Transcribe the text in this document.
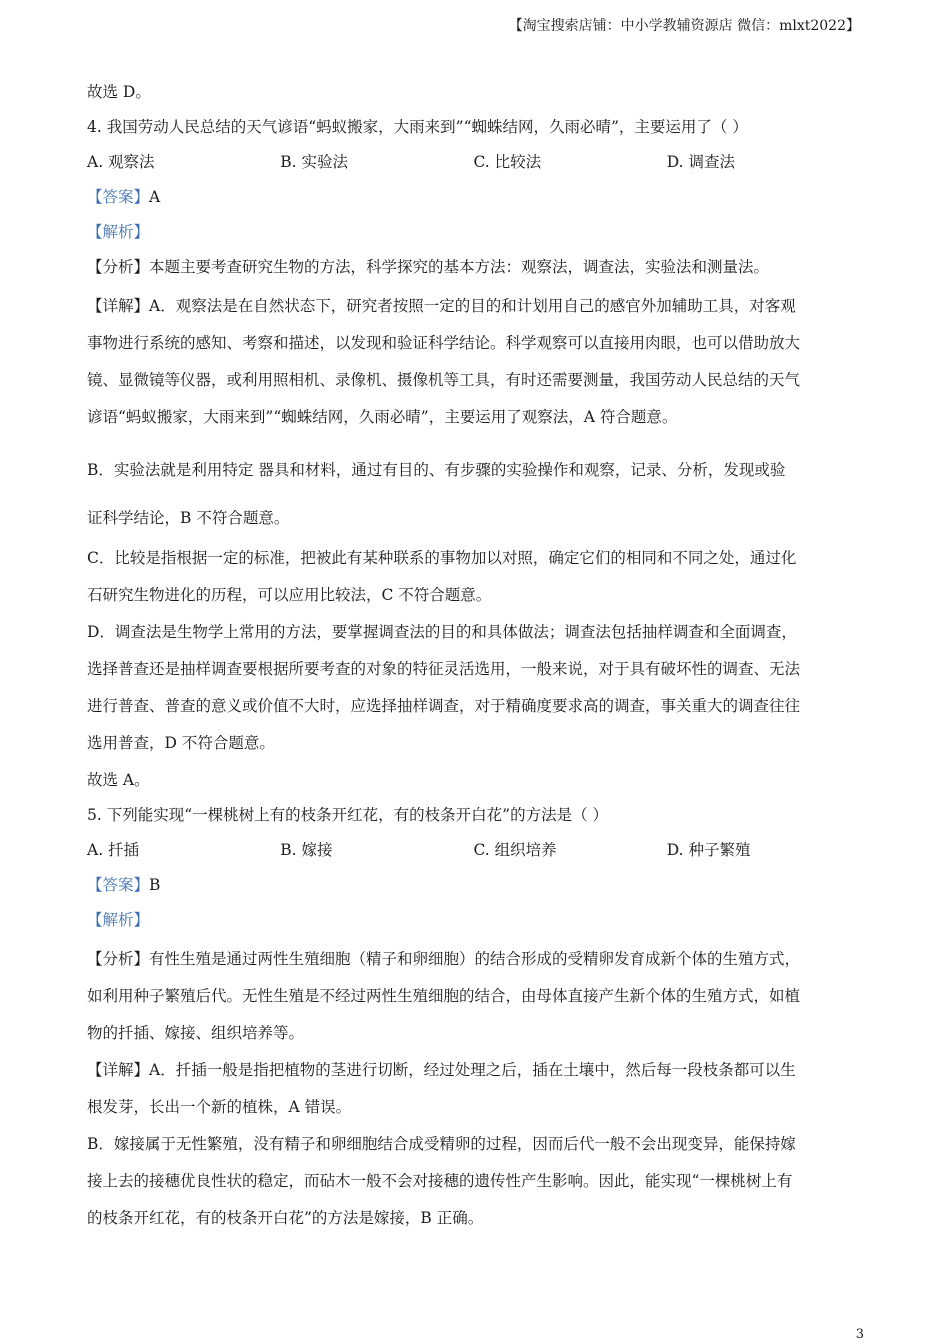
【淘宝搜索店铺：中小学教辅资源店 微信：mlxt2022】
故选 D。
4. 我国劳动人民总结的天气谚语“蚂蚁搬家，大雨来到”“蜘蛛结网，久雨必晴”，主要运用了（ ）
A. 观察法	B. 实验法	C. 比较法	D. 调查法
【答案】A
【解析】
【分析】本题主要考查研究生物的方法，科学探究的基本方法：观察法，调查法，实验法和测量法。
【详解】A．观察法是在自然状态下，研究者按照一定的目的和计划用自己的感官外加辅助工具，对客观
事物进行系统的感知、考察和描述，以发现和验证科学结论。科学观察可以直接用肉眼，也可以借助放大
镜、显微镜等仪器，或利用照相机、录像机、摄像机等工具，有时还需要测量，我国劳动人民总结的天气
谚语“蚂蚁搬家，大雨来到”“蜘蛛结网，久雨必晴”，主要运用了观察法，A 符合题意。
B．实验法就是利用特定 器具和材料，通过有目的、有步骤的实验操作和观察，记录、分析，发现或验
证科学结论，B 不符合题意。
C．比较是指根据一定的标准，把被此有某种联系的事物加以对照，确定它们的相同和不同之处，通过化
石研究生物进化的历程，可以应用比较法，C 不符合题意。
D．调查法是生物学上常用的方法，要掌握调查法的目的和具体做法；调查法包括抽样调查和全面调查，
选择普查还是抽样调查要根据所要考查的对象的特征灵活选用，一般来说，对于具有破坏性的调查、无法
进行普查、普查的意义或价值不大时，应选择抽样调查，对于精确度要求高的调查，事关重大的调查往往
选用普查，D 不符合题意。
故选 A。
5. 下列能实现“一棵桃树上有的枝条开红花，有的枝条开白花”的方法是（ ）
A. 扦插	B. 嫁接	C. 组织培养	D. 种子繁殖
【答案】B
【解析】
【分析】有性生殖是通过两性生殖细胞（精子和卵细胞）的结合形成的受精卵发育成新个体的生殖方式，
如利用种子繁殖后代。无性生殖是不经过两性生殖细胞的结合，由母体直接产生新个体的生殖方式，如植
物的扦插、嫁接、组织培养等。
【详解】A．扦插一般是指把植物的茎进行切断，经过处理之后，插在土壤中，然后每一段枝条都可以生
根发芽，长出一个新的植株，A 错误。
B．嫁接属于无性繁殖，没有精子和卵细胞结合成受精卵的过程，因而后代一般不会出现变异，能保持嫁
接上去的接穗优良性状的稳定，而砧木一般不会对接穗的遗传性产生影响。因此，能实现“一棵桃树上有
的枝条开红花，有的枝条开白花”的方法是嫁接，B 正确。
3
